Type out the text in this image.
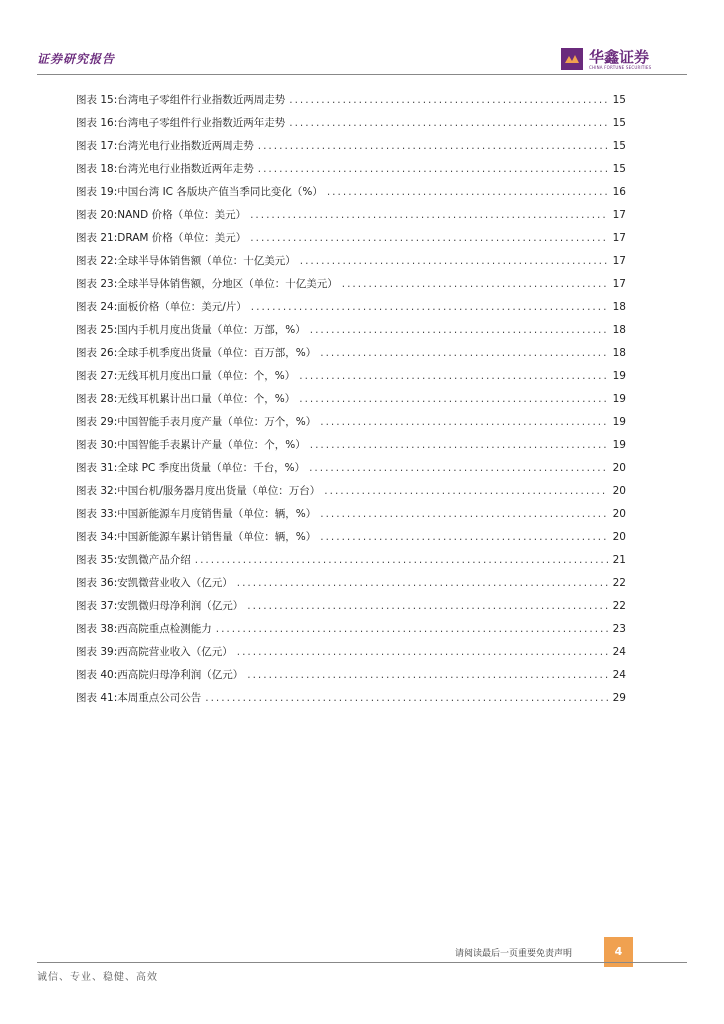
证券研究报告	华鑫证券
CHINA FORTUNE SECURITIES
图表 15: 台湾电子零组件行业指数近两周走势 .....	15
图表 16: 台湾电子零组件行业指数近两年走势 .....	15
图表 17: 台湾光电行业指数近两周走势 .....	15
图表 18: 台湾光电行业指数近两年走势 .....	15
图表 19: 中国台湾 IC 各版块产值当季同比变化（%） .....	16
图表 20: NAND 价格（单位：美元） .....	17
图表 21: DRAM 价格（单位：美元） .....	17
图表 22: 全球半导体销售额（单位：十亿美元） .....	17
图表 23: 全球半导体销售额，分地区（单位：十亿美元） .....	17
图表 24: 面板价格（单位：美元/片） .....	18
图表 25: 国内手机月度出货量（单位：万部，%） .....	18
图表 26: 全球手机季度出货量（单位：百万部，%） .....	18
图表 27: 无线耳机月度出口量（单位：个，%） .....	19
图表 28: 无线耳机累计出口量（单位：个，%） .....	19
图表 29: 中国智能手表月度产量（单位：万个，%） .....	19
图表 30: 中国智能手表累计产量（单位：个，%） .....	19
图表 31: 全球 PC 季度出货量（单位：千台，%） .....	20
图表 32: 中国台机/服务器月度出货量（单位：万台） .....	20
图表 33: 中国新能源车月度销售量（单位：辆，%） .....	20
图表 34: 中国新能源车累计销售量（单位：辆，%） .....	20
图表 35: 安凯微产品介绍 .....	21
图表 36: 安凯微营业收入（亿元） .....	22
图表 37: 安凯微归母净利润（亿元） .....	22
图表 38: 西高院重点检测能力 .....	23
图表 39: 西高院营业收入（亿元） .....	24
图表 40: 西高院归母净利润（亿元） .....	24
图表 41: 本周重点公司公告 .....	29
请阅读最后一页重要免责声明	4
诚信、专业、稳健、高效
